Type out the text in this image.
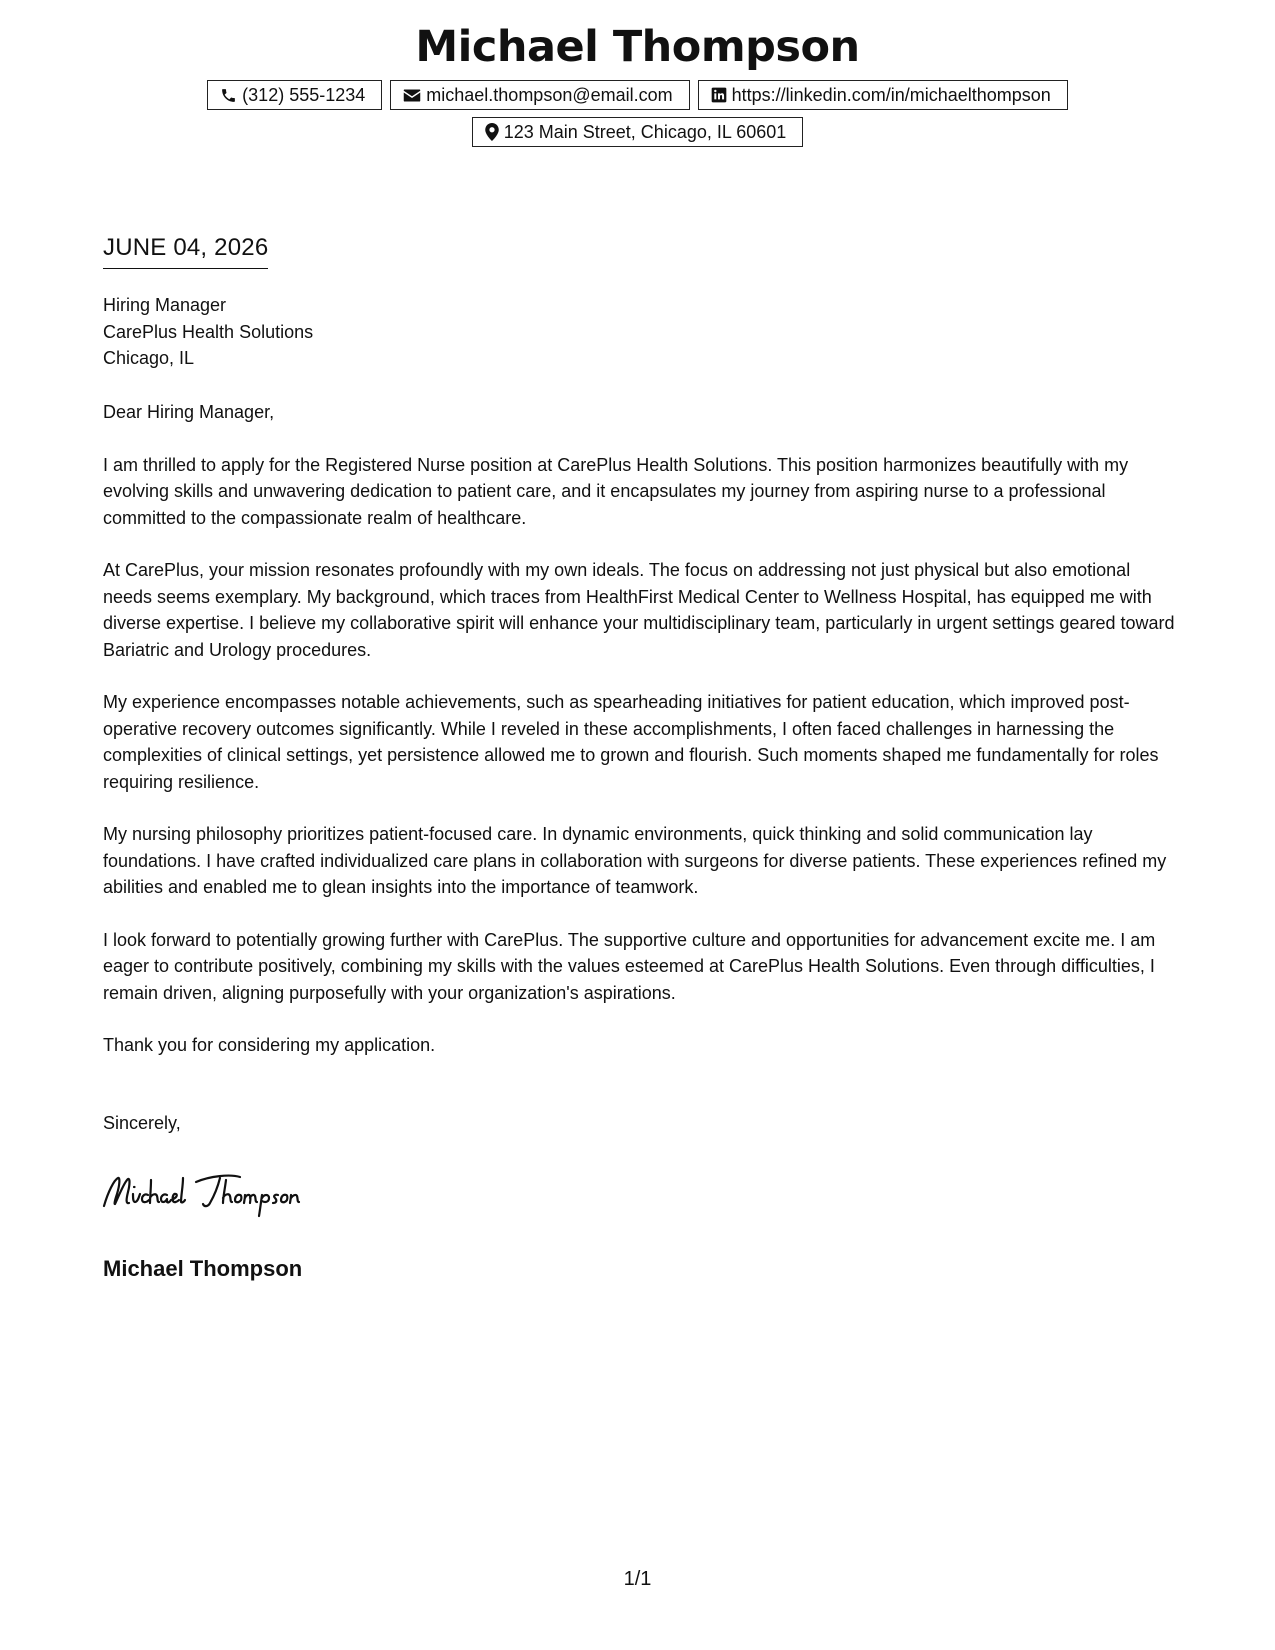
Michael Thompson
(312) 555-1234	michael.thompson@email.com	https://linkedin.com/in/michaelthompson
123 Main Street, Chicago, IL 60601
JUNE 04, 2026
Hiring Manager
CarePlus Health Solutions
Chicago, IL

Dear Hiring Manager,

I am thrilled to apply for the Registered Nurse position at CarePlus Health Solutions. This position harmonizes beautifully with my evolving skills and unwavering dedication to patient care, and it encapsulates my journey from aspiring nurse to a professional committed to the compassionate realm of healthcare.

At CarePlus, your mission resonates profoundly with my own ideals. The focus on addressing not just physical but also emotional needs seems exemplary. My background, which traces from HealthFirst Medical Center to Wellness Hospital, has equipped me with diverse expertise. I believe my collaborative spirit will enhance your multidisciplinary team, particularly in urgent settings geared toward Bariatric and Urology procedures.

My experience encompasses notable achievements, such as spearheading initiatives for patient education, which improved post-operative recovery outcomes significantly. While I reveled in these accomplishments, I often faced challenges in harnessing the complexities of clinical settings, yet persistence allowed me to grown and flourish. Such moments shaped me fundamentally for roles requiring resilience.

My nursing philosophy prioritizes patient-focused care. In dynamic environments, quick thinking and solid communication lay foundations. I have crafted individualized care plans in collaboration with surgeons for diverse patients. These experiences refined my abilities and enabled me to glean insights into the importance of teamwork.

I look forward to potentially growing further with CarePlus. The supportive culture and opportunities for advancement excite me. I am eager to contribute positively, combining my skills with the values esteemed at CarePlus Health Solutions. Even through difficulties, I remain driven, aligning purposefully with your organization's aspirations.

Thank you for considering my application.

Sincerely,
Michael Thompson
1/1
